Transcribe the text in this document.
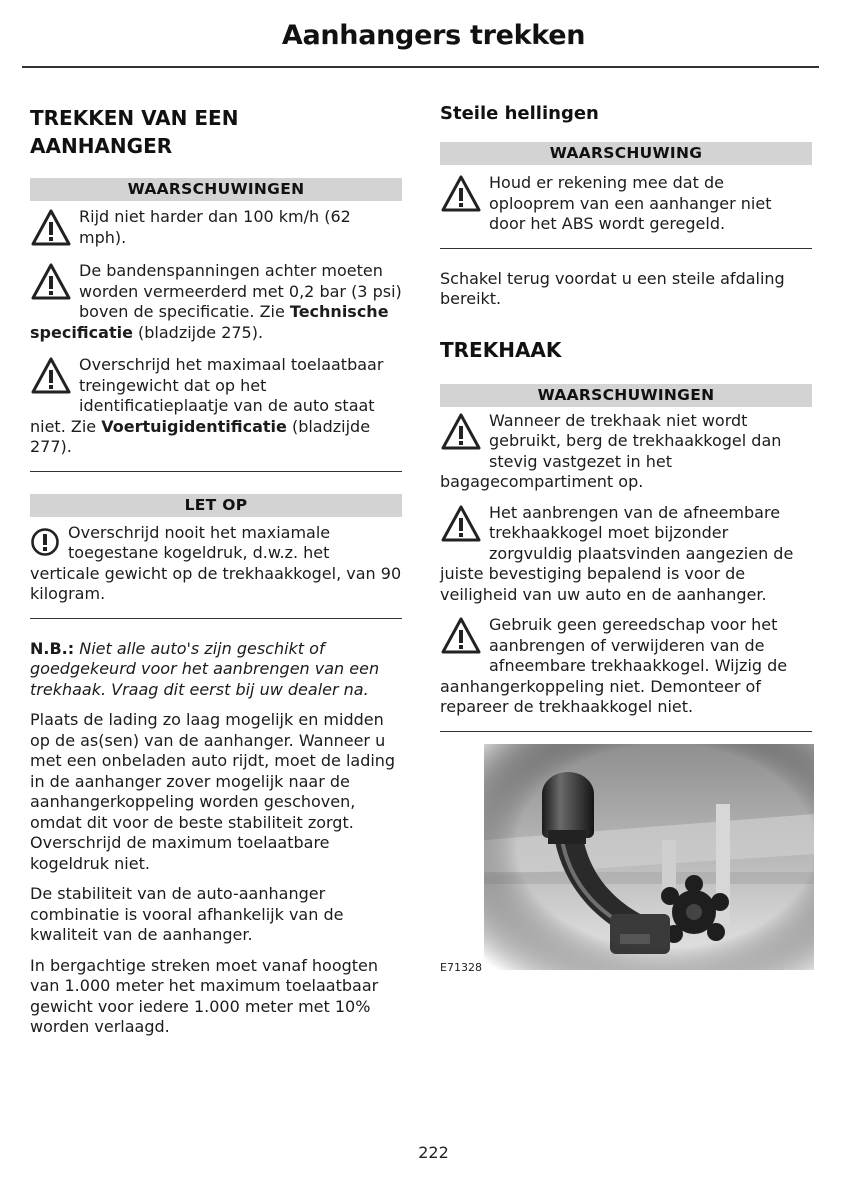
Aanhangers trekken
TREKKEN VAN EEN AANHANGER
WAARSCHUWINGEN
Rijd niet harder dan 100 km/h (62 mph).
De bandenspanningen achter moeten worden vermeerderd met 0,2 bar (3 psi) boven de specificatie. Zie Technische specificatie (bladzijde 275).
Overschrijd het maximaal toelaatbaar treingewicht dat op het identificatieplaatje van de auto staat niet. Zie Voertuigidentificatie (bladzijde 277).
LET OP
Overschrijd nooit het maxiamale toegestane kogeldruk, d.w.z. het verticale gewicht op de trekhaakkogel, van 90 kilogram.

N.B.: Niet alle auto's zijn geschikt of goedgekeurd voor het aanbrengen van een trekhaak. Vraag dit eerst bij uw dealer na.

Plaats de lading zo laag mogelijk en midden op de as(sen) van de aanhanger. Wanneer u met een onbeladen auto rijdt, moet de lading in de aanhanger zover mogelijk naar de aanhangerkoppeling worden geschoven, omdat dit voor de beste stabiliteit zorgt. Overschrijd de maximum toelaatbare kogeldruk niet.

De stabiliteit van de auto-aanhanger combinatie is vooral afhankelijk van de kwaliteit van de aanhanger.

In bergachtige streken moet vanaf hoogten van 1.000 meter het maximum toelaatbaar gewicht voor iedere 1.000 meter met 10% worden verlaagd.

Steile hellingen
WAARSCHUWING
Houd er rekening mee dat de oplooprem van een aanhanger niet door het ABS wordt geregeld.

Schakel terug voordat u een steile afdaling bereikt.

TREKHAAK
WAARSCHUWINGEN
Wanneer de trekhaak niet wordt gebruikt, berg de trekhaakkogel dan stevig vastgezet in het bagagecompartiment op.
Het aanbrengen van de afneembare trekhaakkogel moet bijzonder zorgvuldig plaatsvinden aangezien de juiste bevestiging bepalend is voor de veiligheid van uw auto en de aanhanger.
Gebruik geen gereedschap voor het aanbrengen of verwijderen van de afneembare trekhaakkogel. Wijzig de aanhangerkoppeling niet. Demonteer of repareer de trekhaakkogel niet.
E71328
222
